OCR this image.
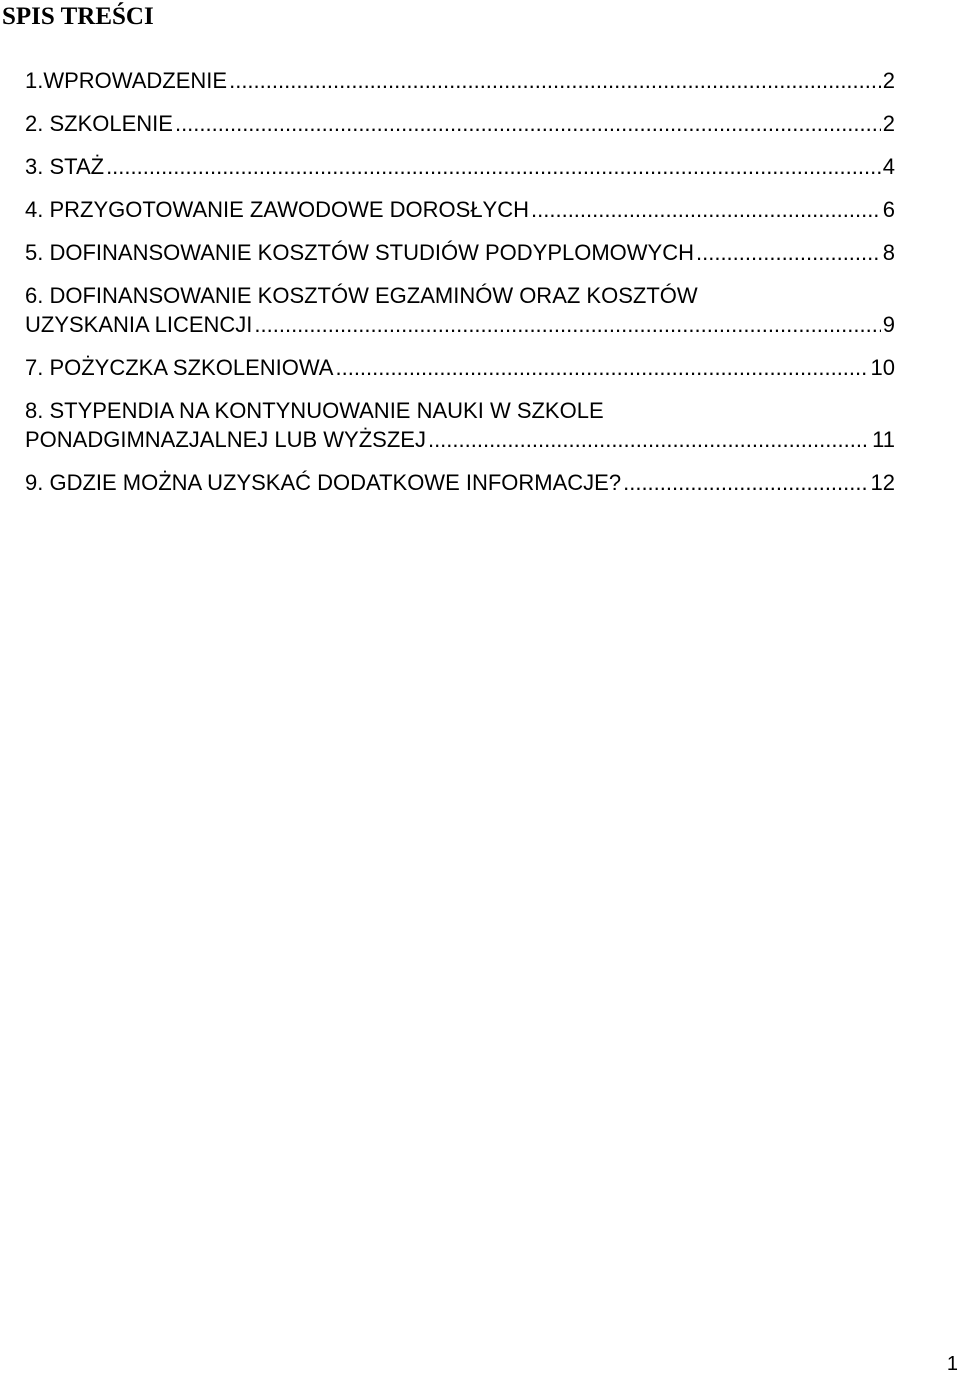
SPIS TREŚCI
1.WPROWADZENIE .....	2
2. SZKOLENIE .....	2
3. STAŻ .....	4
4. PRZYGOTOWANIE ZAWODOWE DOROSŁYCH .....	6
5. DOFINANSOWANIE KOSZTÓW STUDIÓW PODYPLOMOWYCH .....	8
6. DOFINANSOWANIE KOSZTÓW EGZAMINÓW ORAZ KOSZTÓW
UZYSKANIA LICENCJI .....	9
7. POŻYCZKA SZKOLENIOWA .....	10
8. STYPENDIA NA KONTYNUOWANIE NAUKI W SZKOLE
PONADGIMNAZJALNEJ LUB WYŻSZEJ .....	11
9. GDZIE MOŻNA UZYSKAĆ DODATKOWE INFORMACJE? .....	12
1
